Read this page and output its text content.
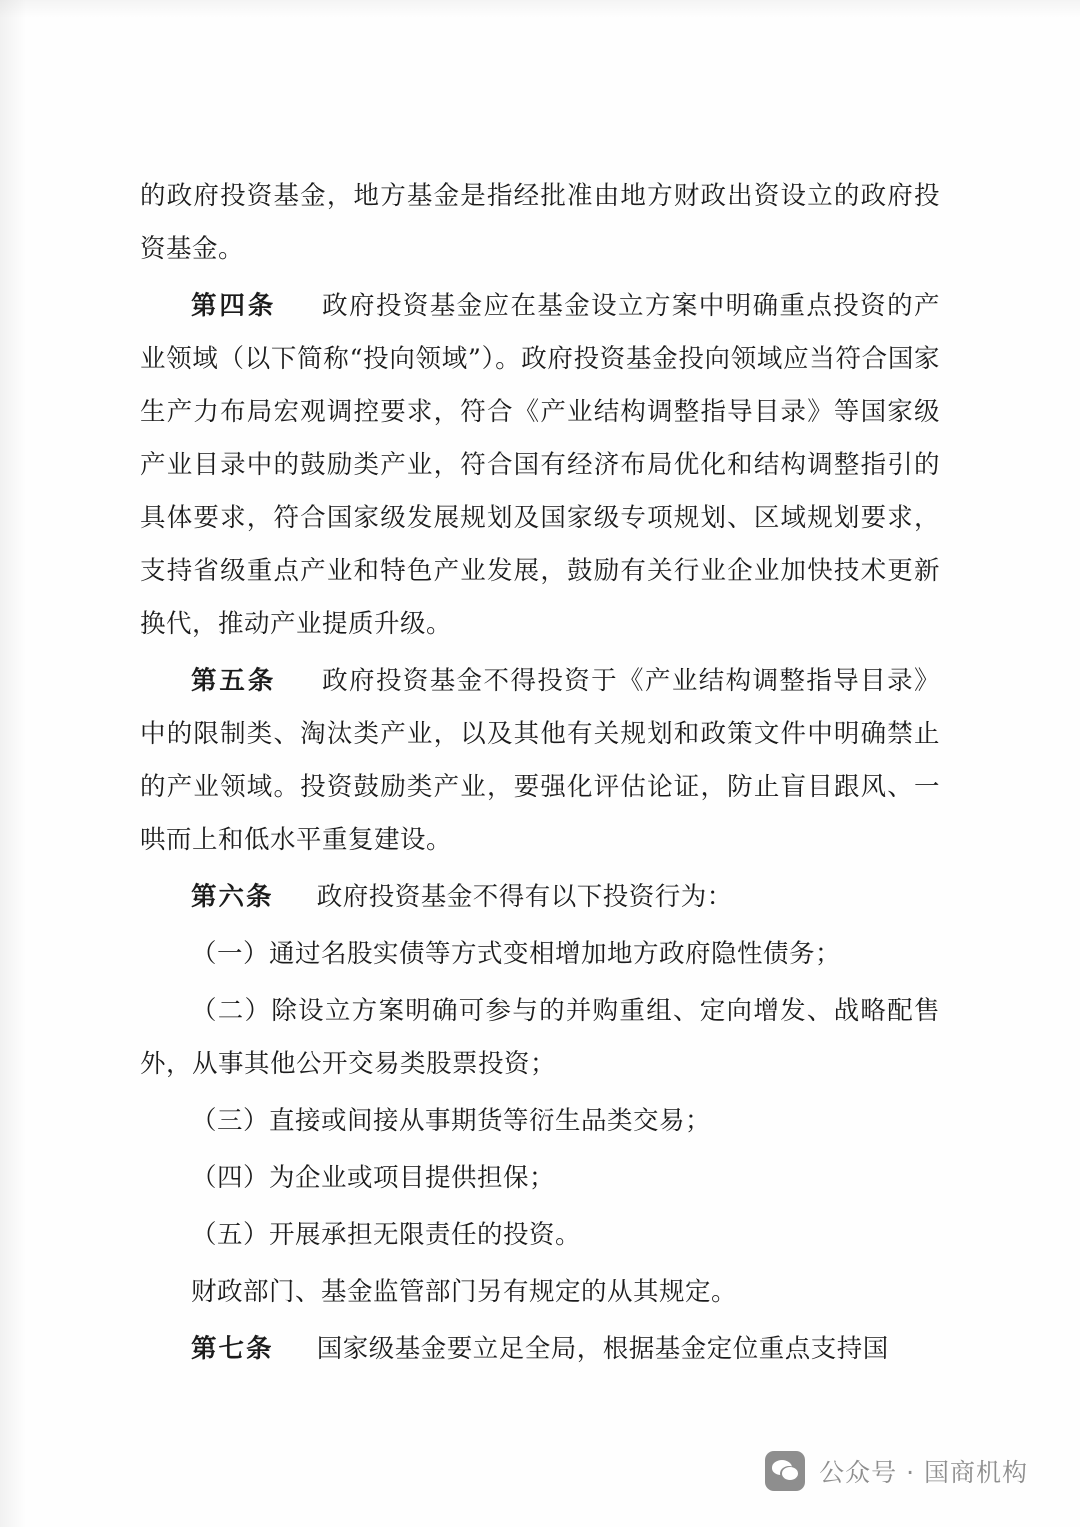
的政府投资基金，地方基金是指经批准由地方财政出资设立的政府投资基金。

第四条 　 政府投资基金应在基金设立方案中明确重点投资的产业领域（以下简称“投向领域”）。政府投资基金投向领域应当符合国家生产力布局宏观调控要求，符合《产业结构调整指导目录》等国家级产业目录中的鼓励类产业，符合国有经济布局优化和结构调整指引的具体要求，符合国家级发展规划及国家级专项规划、区域规划要求，支持省级重点产业和特色产业发展，鼓励有关行业企业加快技术更新换代，推动产业提质升级。

第五条 　 政府投资基金不得投资于《产业结构调整指导目录》中的限制类、淘汰类产业，以及其他有关规划和政策文件中明确禁止的产业领域。投资鼓励类产业，要强化评估论证，防止盲目跟风、一哄而上和低水平重复建设。

第六条 　 政府投资基金不得有以下投资行为：

（一）通过名股实债等方式变相增加地方政府隐性债务；

（二）除设立方案明确可参与的并购重组、定向增发、战略配售外，从事其他公开交易类股票投资；

（三）直接或间接从事期货等衍生品类交易；

（四）为企业或项目提供担保；

（五）开展承担无限责任的投资。

财政部门、基金监管部门另有规定的从其规定。

第七条 　 国家级基金要立足全局，根据基金定位重点支持国

公众号 · 国商机构
